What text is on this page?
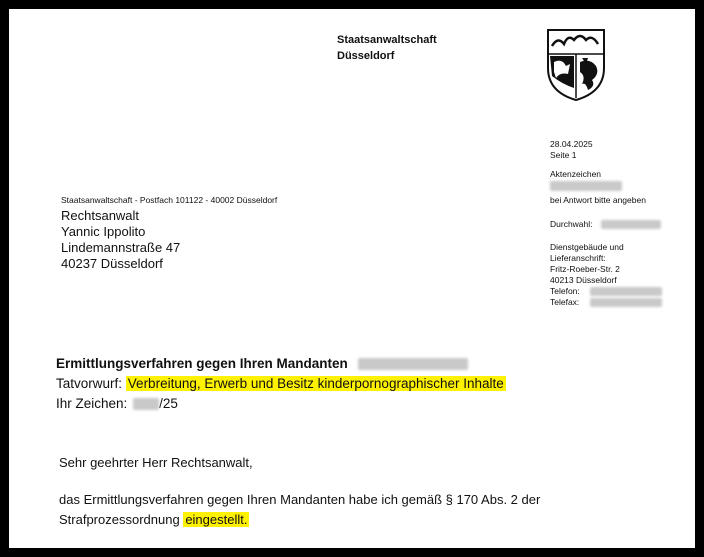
Staatsanwaltschaft
Düsseldorf
28.04.2025
Seite 1
Aktenzeichen
bei Antwort bitte angeben
Durchwahl:
Dienstgebäude und
Lieferanschrift:
Fritz-Roeber-Str. 2
40213 Düsseldorf
Telefon:
Telefax:
Staatsanwaltschaft - Postfach 101122 - 40002 Düsseldorf
Rechtsanwalt
Yannic Ippolito
Lindemannstraße 47
40237 Düsseldorf
Ermittlungsverfahren gegen Ihren Mandanten
Tatvorwurf: Verbreitung, Erwerb und Besitz kinderpornographischer Inhalte
Ihr Zeichen: /25
Sehr geehrter Herr Rechtsanwalt,
das Ermittlungsverfahren gegen Ihren Mandanten habe ich gemäß § 170 Abs. 2 der
Strafprozessordnung eingestellt.
